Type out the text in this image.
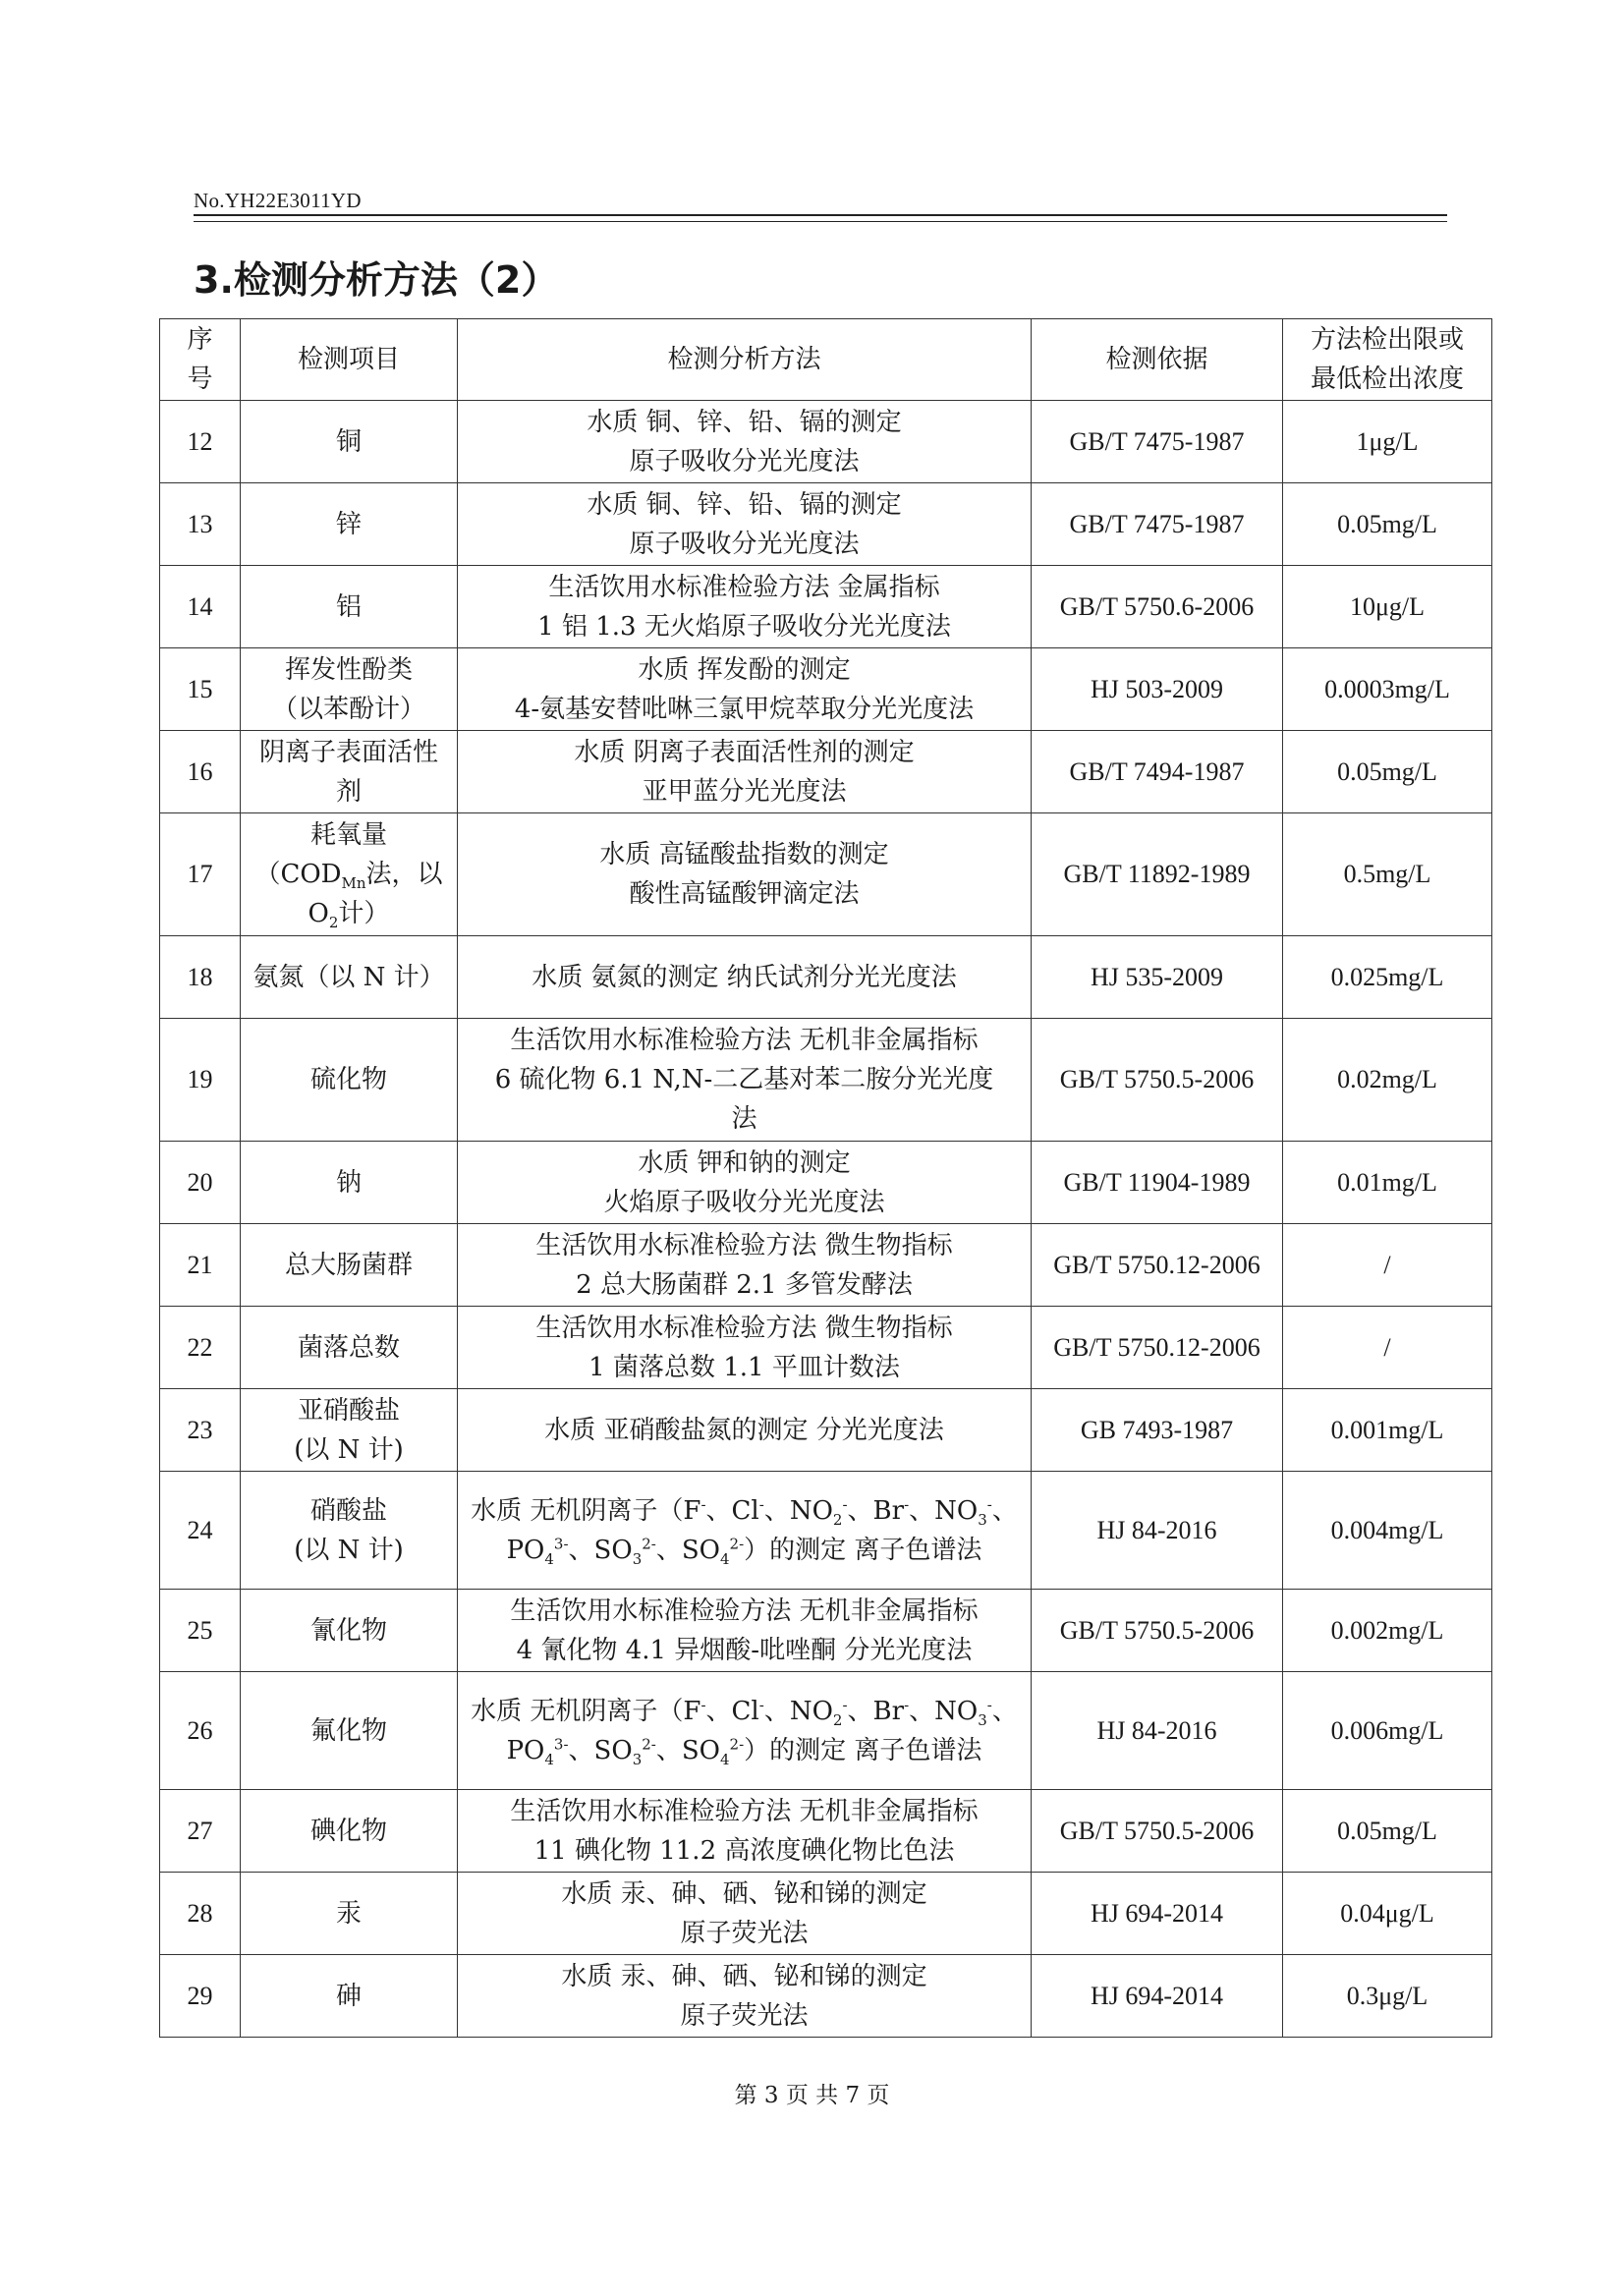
No.YH22E3011YD
3.检测分析方法（2）
序
号	检测项目	检测分析方法	检测依据	方法检出限或
最低检出浓度

12	铜	水质 铜、锌、铅、镉的测定
原子吸收分光光度法	GB/T 7475-1987	1μg/L
13	锌	水质 铜、锌、铅、镉的测定
原子吸收分光光度法	GB/T 7475-1987	0.05mg/L
14	铝	生活饮用水标准检验方法 金属指标
1 铝 1.3 无火焰原子吸收分光光度法	GB/T 5750.6-2006	10μg/L
15	挥发性酚类
（以苯酚计）	水质 挥发酚的测定
4-氨基安替吡啉三氯甲烷萃取分光光度法	HJ 503-2009	0.0003mg/L
16	阴离子表面活性
剂	水质 阴离子表面活性剂的测定
亚甲蓝分光光度法	GB/T 7494-1987	0.05mg/L
17	耗氧量
（$COD_{Mn}$法，以
$O_2$计）	水质 高锰酸盐指数的测定
酸性高锰酸钾滴定法	GB/T 11892-1989	0.5mg/L
18	氨氮（以 N 计）	水质 氨氮的测定 纳氏试剂分光光度法	HJ 535-2009	0.025mg/L
19	硫化物	生活饮用水标准检验方法 无机非金属指标
6 硫化物 6.1 N,N-二乙基对苯二胺分光光度
法	GB/T 5750.5-2006	0.02mg/L
20	钠	水质 钾和钠的测定
火焰原子吸收分光光度法	GB/T 11904-1989	0.01mg/L
21	总大肠菌群	生活饮用水标准检验方法 微生物指标
2 总大肠菌群 2.1 多管发酵法	GB/T 5750.12-2006	/
22	菌落总数	生活饮用水标准检验方法 微生物指标
1 菌落总数 1.1 平皿计数法	GB/T 5750.12-2006	/
23	亚硝酸盐
(以 N 计)	水质 亚硝酸盐氮的测定 分光光度法	GB 7493-1987	0.001mg/L
24	硝酸盐
(以 N 计)	水质 无机阴离子（F-、Cl-、$NO_2^-$、Br-、$NO_3^-$、
$PO_4^{3-}$、$SO_3^{2-}$、$SO_4^{2-}$）的测定 离子色谱法	HJ 84-2016	0.004mg/L
25	氰化物	生活饮用水标准检验方法 无机非金属指标
4 氰化物 4.1 异烟酸-吡唑酮 分光光度法	GB/T 5750.5-2006	0.002mg/L
26	氟化物	水质 无机阴离子（F-、Cl-、$NO_2^-$、Br-、$NO_3^-$、
$PO_4^{3-}$、$SO_3^{2-}$、$SO_4^{2-}$）的测定 离子色谱法	HJ 84-2016	0.006mg/L
27	碘化物	生活饮用水标准检验方法 无机非金属指标
11 碘化物 11.2 高浓度碘化物比色法	GB/T 5750.5-2006	0.05mg/L
28	汞	水质 汞、砷、硒、铋和锑的测定
原子荧光法	HJ 694-2014	0.04μg/L
29	砷	水质 汞、砷、硒、铋和锑的测定
原子荧光法	HJ 694-2014	0.3μg/L
第 3 页 共 7 页
